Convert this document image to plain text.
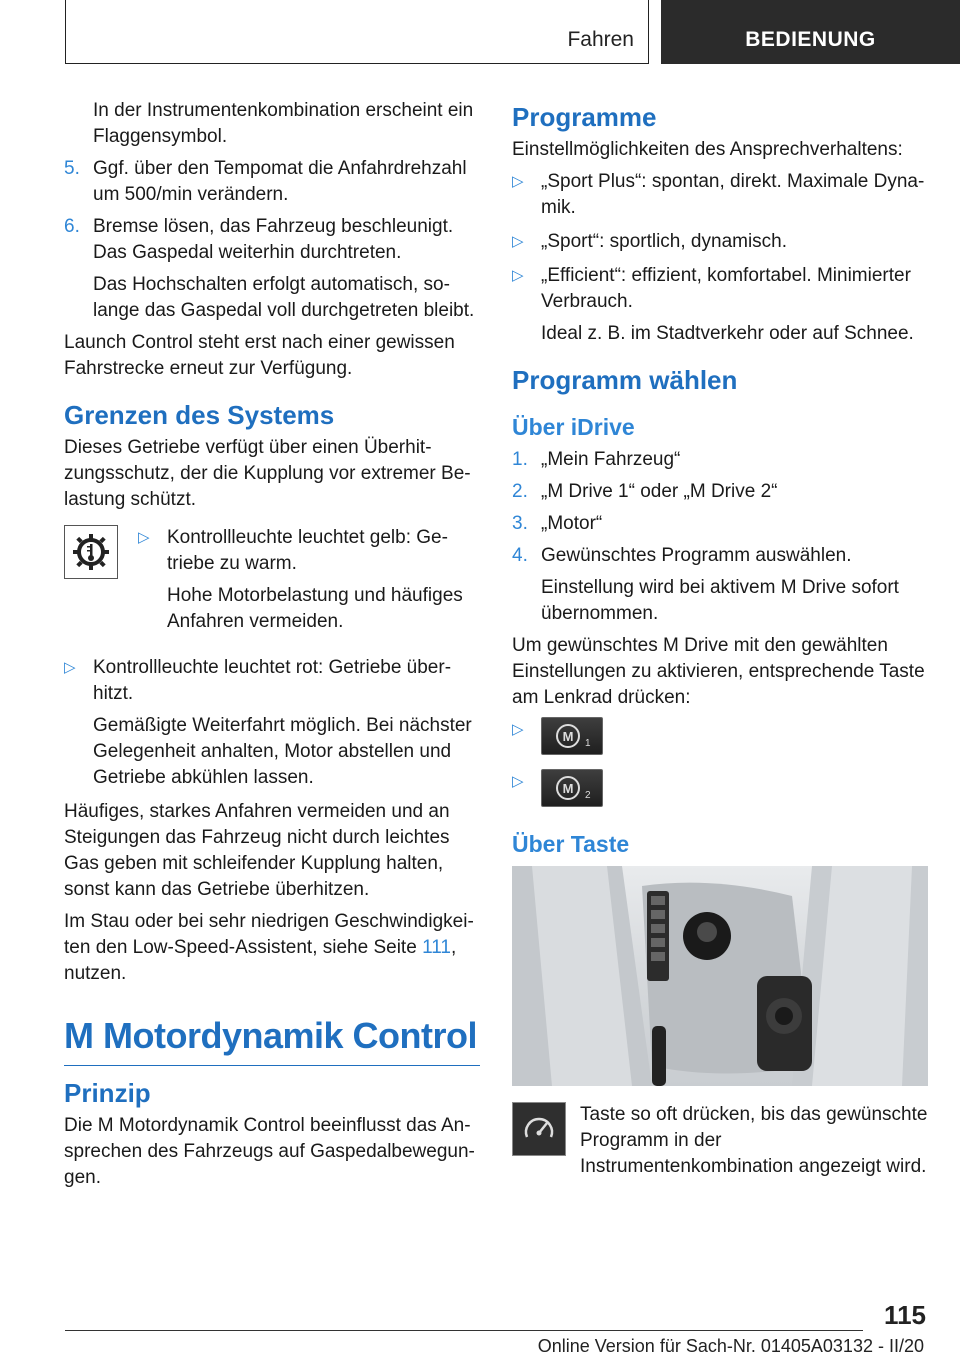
Fahren	BEDIENUNG

In der Instrumentenkombination erscheint ein Flaggensymbol.

5. Ggf. über den Tempomat die Anfahrdrehzahl um 500/min verändern.
6. Bremse lösen, das Fahrzeug beschleunigt. Das Gaspedal weiterhin durchtreten.
Das Hochschalten erfolgt automatisch, so-lange das Gaspedal voll durchgetreten bleibt.

Launch Control steht erst nach einer gewissen Fahrstrecke erneut zur Verfügung.

Grenzen des Systems

Dieses Getriebe verfügt über einen Überhit-zungsschutz, der die Kupplung vor extremer Be-lastung schützt.

▷ Kontrollleuchte leuchtet gelb: Ge-triebe zu warm.
Hohe Motorbelastung und häufiges Anfahren vermeiden.
▷ Kontrollleuchte leuchtet rot: Getriebe über-hitzt.
Gemäßigte Weiterfahrt möglich. Bei nächster Gelegenheit anhalten, Motor abstellen und Getriebe abkühlen lassen.

Häufiges, starkes Anfahren vermeiden und an Steigungen das Fahrzeug nicht durch leichtes Gas geben mit schleifender Kupplung halten, sonst kann das Getriebe überhitzen.

Im Stau oder bei sehr niedrigen Geschwindigkei-ten den Low-Speed-Assistent, siehe Seite 111, nutzen.

M Motordynamik Control
Prinzip

Die M Motordynamik Control beeinflusst das An-sprechen des Fahrzeugs auf Gaspedalbewegun-gen.

Programme

Einstellmöglichkeiten des Ansprechverhaltens:

▷ „Sport Plus“: spontan, direkt. Maximale Dyna-mik.
▷ „Sport“: sportlich, dynamisch.
▷ „Efficient“: effizient, komfortabel. Minimierter Verbrauch.
Ideal z. B. im Stadtverkehr oder auf Schnee.
Programm wählen
Über iDrive
1. „Mein Fahrzeug“
2. „M Drive 1“ oder „M Drive 2“
3. „Motor“
4. Gewünschtes Programm auswählen.
Einstellung wird bei aktivem M Drive sofort übernommen.

Um gewünschtes M Drive mit den gewählten Einstellungen zu aktivieren, entsprechende Taste am Lenkrad drücken:

▷	M 1
▷	M 2
Über Taste

Taste so oft drücken, bis das gewünschte Programm in der Instrumentenkombination angezeigt wird.

115
Online Version für Sach-Nr. 01405A03132 - II/20
